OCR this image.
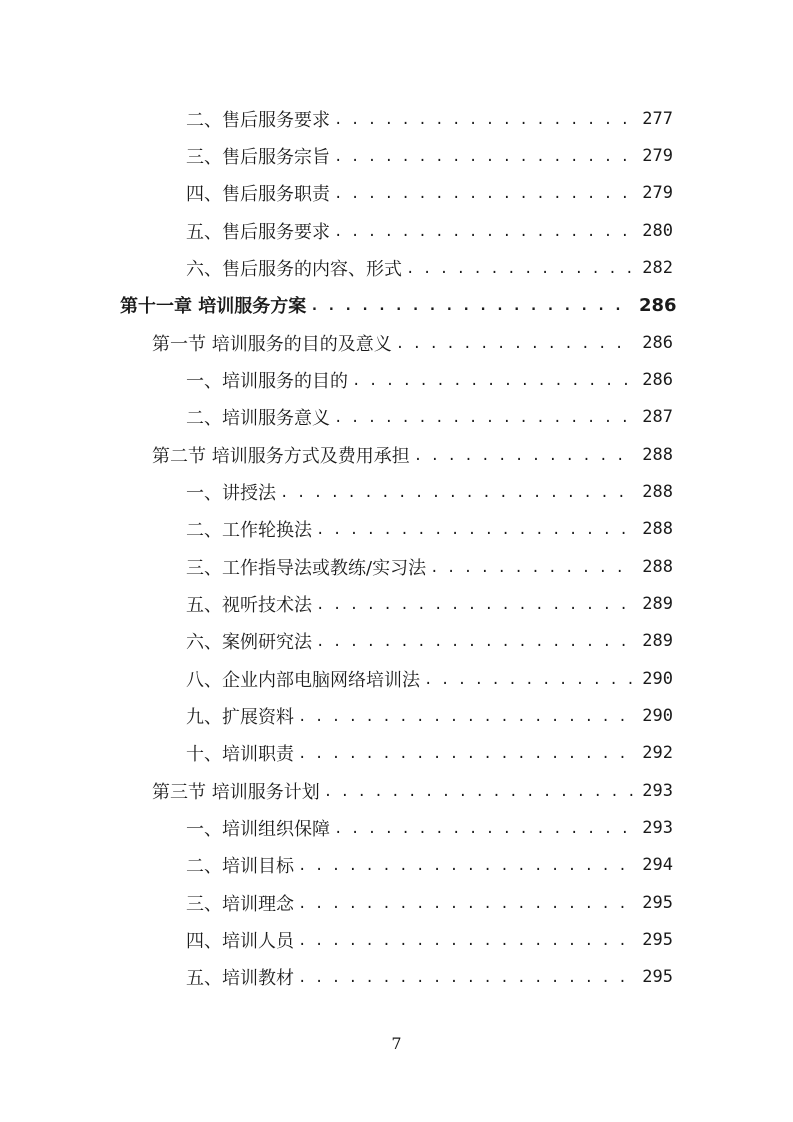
二、售后服务要求 . . .	277
三、售后服务宗旨 . . .	279
四、售后服务职责 . . .	279
五、售后服务要求 . . .	280
六、售后服务的内容、形式 . . .	282
第十一章 培训服务方案 . . .	286
第一节 培训服务的目的及意义 . . .	286
一、培训服务的目的 . . .	286
二、培训服务意义 . . .	287
第二节 培训服务方式及费用承担 . . .	288
一、讲授法 . . .	288
二、工作轮换法 . . .	288
三、工作指导法或教练/实习法 . . .	288
五、视听技术法 . . .	289
六、案例研究法 . . .	289
八、企业内部电脑网络培训法 . . .	290
九、扩展资料 . . .	290
十、培训职责 . . .	292
第三节 培训服务计划 . . .	293
一、培训组织保障 . . .	293
二、培训目标 . . .	294
三、培训理念 . . .	295
四、培训人员 . . .	295
五、培训教材 . . .	295
7
